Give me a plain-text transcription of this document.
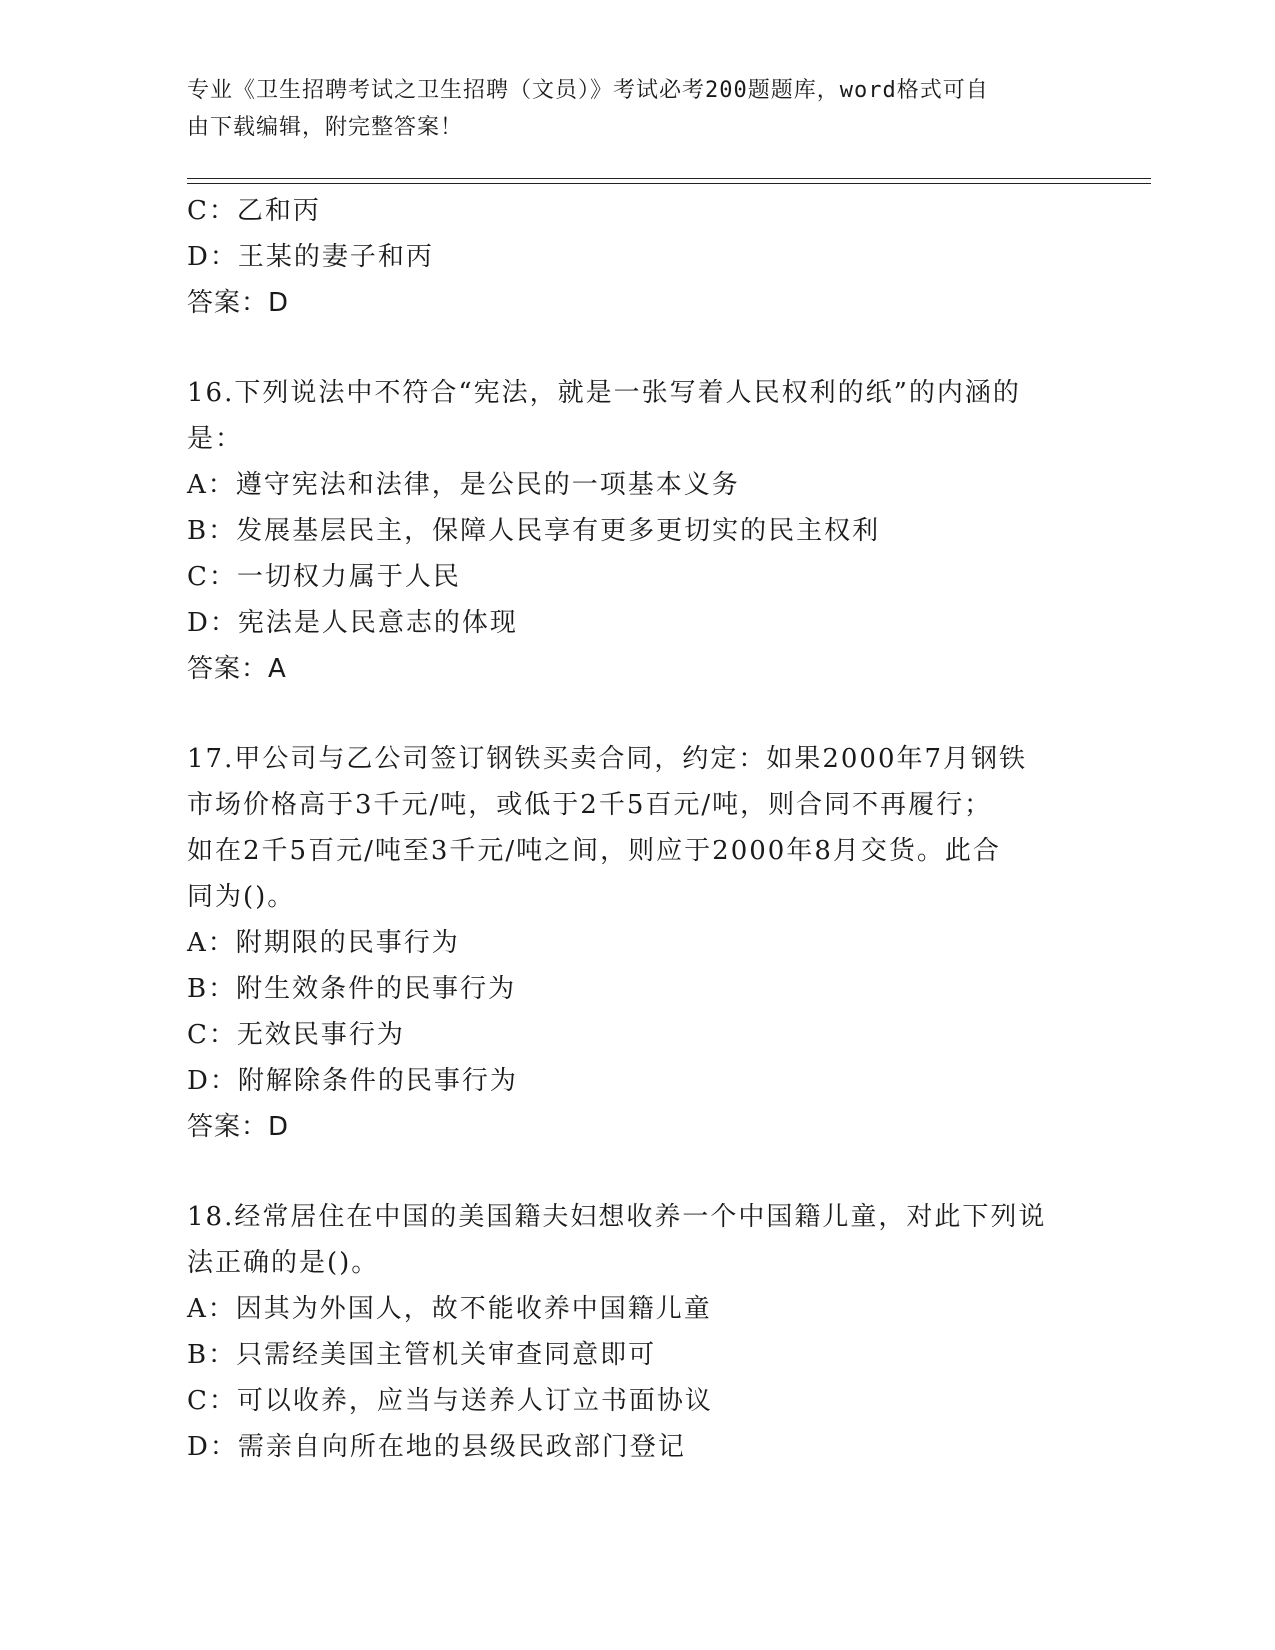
专业《卫生招聘考试之卫生招聘（文员）》考试必考200题题库，word格式可自
由下载编辑，附完整答案！
C：乙和丙
D：王某的妻子和丙
答案：D
16.下列说法中不符合“宪法，就是一张写着人民权利的纸”的内涵的
是：
A：遵守宪法和法律，是公民的一项基本义务
B：发展基层民主，保障人民享有更多更切实的民主权利
C：一切权力属于人民
D：宪法是人民意志的体现
答案：A
17.甲公司与乙公司签订钢铁买卖合同，约定：如果2000年7月钢铁
市场价格高于3千元/吨，或低于2千5百元/吨，则合同不再履行；
如在2千5百元/吨至3千元/吨之间，则应于2000年8月交货。此合
同为()。
A：附期限的民事行为
B：附生效条件的民事行为
C：无效民事行为
D：附解除条件的民事行为
答案：D
18.经常居住在中国的美国籍夫妇想收养一个中国籍儿童，对此下列说
法正确的是()。
A：因其为外国人，故不能收养中国籍儿童
B：只需经美国主管机关审查同意即可
C：可以收养，应当与送养人订立书面协议
D：需亲自向所在地的县级民政部门登记
